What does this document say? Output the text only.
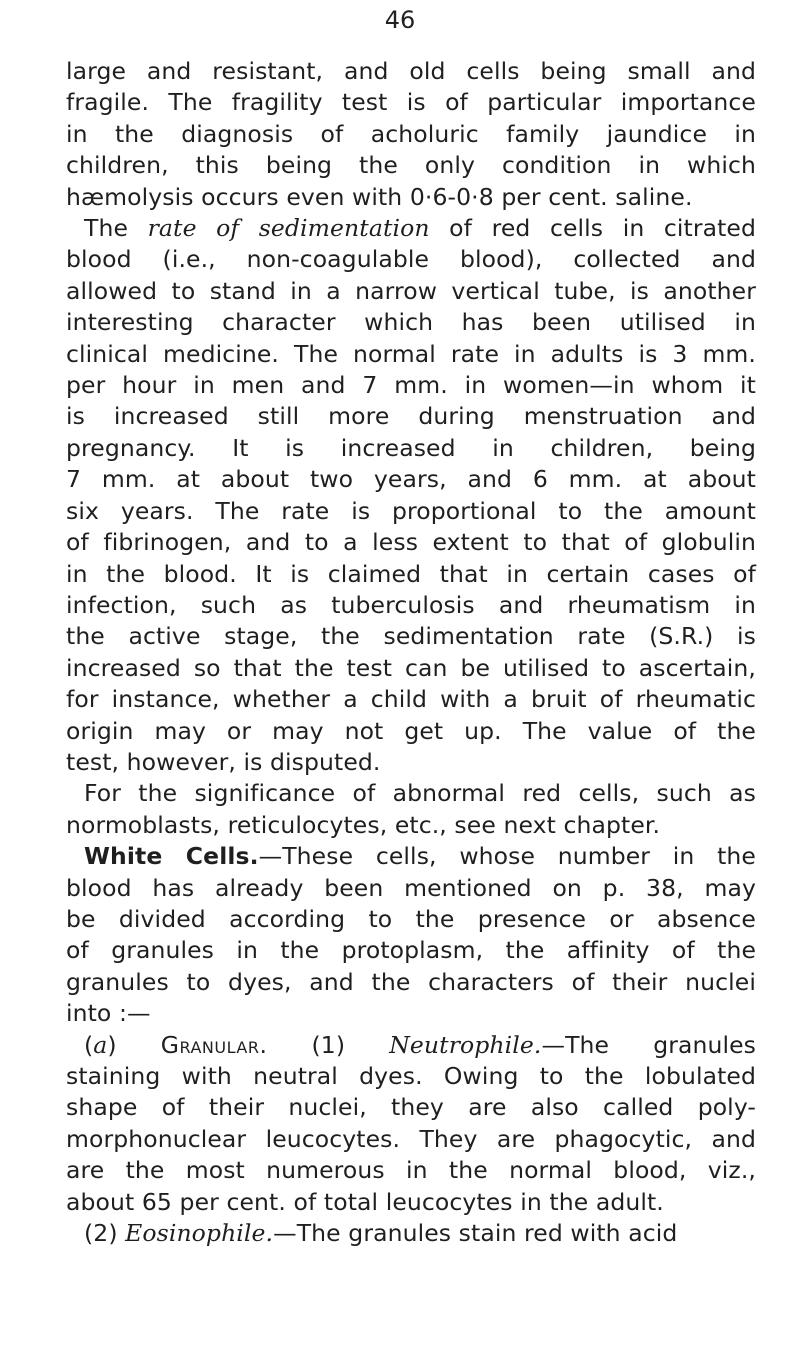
46

large and resistant, and old cells being small and
fragile. The fragility test is of particular importance
in the diagnosis of acholuric family jaundice in
children, this being the only condition in which
hæmolysis occurs even with 0·6-0·8 per cent. saline.

The rate of sedimentation of red cells in citrated
blood (i.e., non-coagulable blood), collected and
allowed to stand in a narrow vertical tube, is another
interesting character which has been utilised in
clinical medicine. The normal rate in adults is 3 mm.
per hour in men and 7 mm. in women—in whom it
is increased still more during menstruation and
pregnancy. It is increased in children, being
7 mm. at about two years, and 6 mm. at about
six years. The rate is proportional to the amount
of fibrinogen, and to a less extent to that of globulin
in the blood. It is claimed that in certain cases of
infection, such as tuberculosis and rheumatism in
the active stage, the sedimentation rate (S.R.) is
increased so that the test can be utilised to ascertain,
for instance, whether a child with a bruit of rheumatic
origin may or may not get up. The value of the
test, however, is disputed.

For the significance of abnormal red cells, such as
normoblasts, reticulocytes, etc., see next chapter.

White Cells.—These cells, whose number in the
blood has already been mentioned on p. 38, may
be divided according to the presence or absence
of granules in the protoplasm, the affinity of the
granules to dyes, and the characters of their nuclei
into :—

(a) Granular. (1) Neutrophile.—The granules
staining with neutral dyes. Owing to the lobulated
shape of their nuclei, they are also called poly-
morphonuclear leucocytes. They are phagocytic, and
are the most numerous in the normal blood, viz.,
about 65 per cent. of total leucocytes in the adult.

(2) Eosinophile.—The granules stain red with acid
